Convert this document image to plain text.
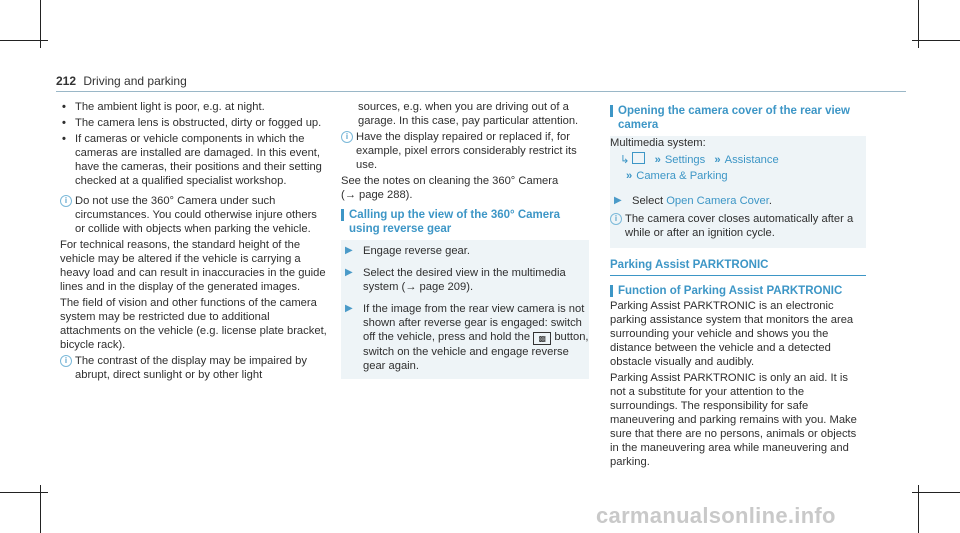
212 Driving and parking
• The ambient light is poor, e.g. at night.
• The camera lens is obstructed, dirty or fogged up.
• If cameras or vehicle components in which the cameras are installed are damaged. In this event, have the cameras, their positions and their setting checked at a qualified specialist workshop.
i Do not use the 360° Camera under such circumstances. You could otherwise injure others or collide with objects when parking the vehicle.

For technical reasons, the standard height of the vehicle may be altered if the vehicle is carrying a heavy load and can result in inaccuracies in the guide lines and in the display of the generated images.

The field of vision and other functions of the camera system may be restricted due to additional attachments on the vehicle (e.g. license plate bracket, bicycle rack).

i The contrast of the display may be impaired by abrupt, direct sunlight or by other light

sources, e.g. when you are driving out of a garage. In this case, pay particular attention.

i Have the display repaired or replaced if, for example, pixel errors considerably restrict its use.

See the notes on cleaning the 360° Camera
(→ page 288).

Calling up the view of the 360° Camera using reverse gear
▶ Engage reverse gear.
▶ Select the desired view in the multimedia system (→ page 209).
▶ If the image from the rear view camera is not shown after reverse gear is engaged: switch off the vehicle, press and hold the ▩ button, switch on the vehicle and engage reverse gear again.
Opening the camera cover of the rear view camera

Multimedia system:

↳ » Settings » Assistance
» Camera & Parking
▶ Select Open Camera Cover.
i The camera cover closes automatically after a while or after an ignition cycle.
Parking Assist PARKTRONIC
Function of Parking Assist PARKTRONIC

Parking Assist PARKTRONIC is an electronic parking assistance system that monitors the area surrounding your vehicle and shows you the distance between the vehicle and a detected obstacle visually and audibly.

Parking Assist PARKTRONIC is only an aid. It is not a substitute for your attention to the surroundings. The responsibility for safe maneuvering and parking remains with you. Make sure that there are no persons, animals or objects in the maneuvering area while maneuvering and parking.

carmanualsonline.info
